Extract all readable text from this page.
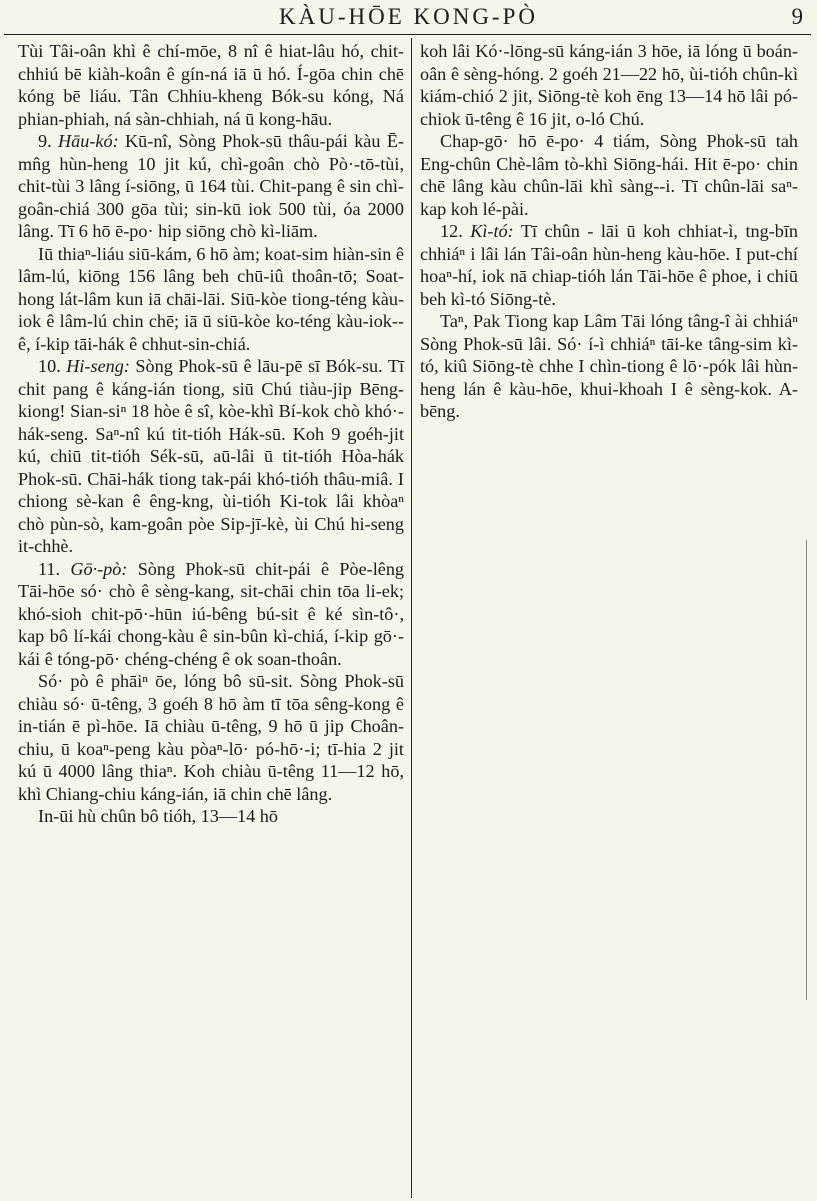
KÀU-HŌE KONG-PÒ	9

Tùi Tâi-oân khì ê chí-mōe, 8 nî ê hiat-lâu hó, chit-chhiú bē kiàh-koân ê gín-ná iā ū hó. Í-gōa chin chē kóng bē liáu. Tân Chhiu-kheng Bók-su kóng, Ná phian-phiah, ná sàn-chhiah, ná ū kong-hāu.

9. Hāu-kó: Kū-nî, Sòng Phok-sū thâu-pái kàu Ē-mn̂g hùn-heng 10 jit kú, chì-goân chò Pò·-tō-tùi, chit-tùi 3 lâng í-siōng, ū 164 tùi. Chit-pang ê sin chì-goân-chiá 300 gōa tùi; sin-kū iok 500 tùi, óa 2000 lâng. Tī 6 hō ē-po· hip siōng chò kì-liām.

Iū thiaⁿ-liáu siū-kám, 6 hō àm; koat-sim hiàn-sin ê lâm-lú, kiōng 156 lâng beh chū-iû thoân-tō; Soat-hong lát-lâm kun iā chāi-lāi. Siū-kòe tiong-téng kàu-iok ê lâm-lú chin chē; iā ū siū-kòe ko-téng kàu-iok--ê, í-kip tāi-hák ê chhut-sin-chiá.

10. Hi-seng: Sòng Phok-sū ê lāu-pē sī Bók-su. Tī chit pang ê káng-ián tiong, siū Chú tiàu-jip Bēng-kiong! Sian-siⁿ 18 hòe ê sî, kòe-khì Bí-kok chò khó·-hák-seng. Saⁿ-nî kú tit-tióh Hák-sū. Koh 9 goéh-jit kú, chiū tit-tióh Sék-sū, aū-lâi ū tit-tióh Hòa-hák Phok-sū. Chāi-hák tiong tak-pái khó-tióh thâu-miâ. I chiong sè-kan ê êng-kng, ùi-tióh Ki-tok lâi khòaⁿ chò pùn-sò, kam-goân pòe Sip-jī-kè, ùi Chú hi-seng it-chhè.

11. Gō·-pò: Sòng Phok-sū chit-pái ê Pòe-lêng Tāi-hōe só· chò ê sèng-kang, sit-chāi chin tōa li-ek; khó-sioh chit-pō·-hūn iú-bêng bú-sit ê ké sìn-tô·, kap bô lí-kái chong-kàu ê sin-bûn kì-chiá, í-kip gō·-kái ê tóng-pō· chéng-chéng ê ok soan-thoân.

Só· pò ê phāiⁿ ōe, lóng bô sū-sit. Sòng Phok-sū chiàu só· ū-têng, 3 goéh 8 hō àm tī tōa sêng-kong ê in-tián ē pì-hōe. Iā chiàu ū-têng, 9 hō ū jip Choân-chiu, ū koaⁿ-peng kàu pòaⁿ-lō· pó-hō·-i; tī-hia 2 jit kú ū 4000 lâng thiaⁿ. Koh chiàu ū-têng 11—12 hō, khì Chiang-chiu káng-ián, iā chin chē lâng.

In-ūi hù chûn bô tióh, 13—14 hō

koh lâi Kó·-lōng-sū káng-ián 3 hōe, iā lóng ū boán-oân ê sèng-hóng. 2 goéh 21—22 hō, ùi-tióh chûn-kì kiám-chió 2 jit, Siōng-tè koh ēng 13—14 hō lâi pó-chiok ū-têng ê 16 jit, o-ló Chú.

Chap-gō· hō ē-po· 4 tiám, Sòng Phok-sū tah Eng-chûn Chè-lâm tò-khì Siōng-hái. Hit ē-po· chin chē lâng kàu chûn-lāi khì sàng--i. Tī chûn-lāi saⁿ-kap koh lé-pài.

12. Kì-tó: Tī chûn - lāi ū koh chhiat-ì, tng-bīn chhiáⁿ i lâi lán Tâi-oân hùn-heng kàu-hōe. I put-chí hoaⁿ-hí, iok nā chiap-tióh lán Tāi-hōe ê phoe, i chiū beh kì-tó Siōng-tè.

Taⁿ, Pak Tiong kap Lâm Tāi lóng tâng-î ài chhiáⁿ Sòng Phok-sū lâi. Só· í-ì chhiáⁿ tāi-ke tâng-sim kì-tó, kiû Siōng-tè chhe I chìn-tiong ê lō·-pók lâi hùn-heng lán ê kàu-hōe, khui-khoah I ê sèng-kok. A-bēng.
